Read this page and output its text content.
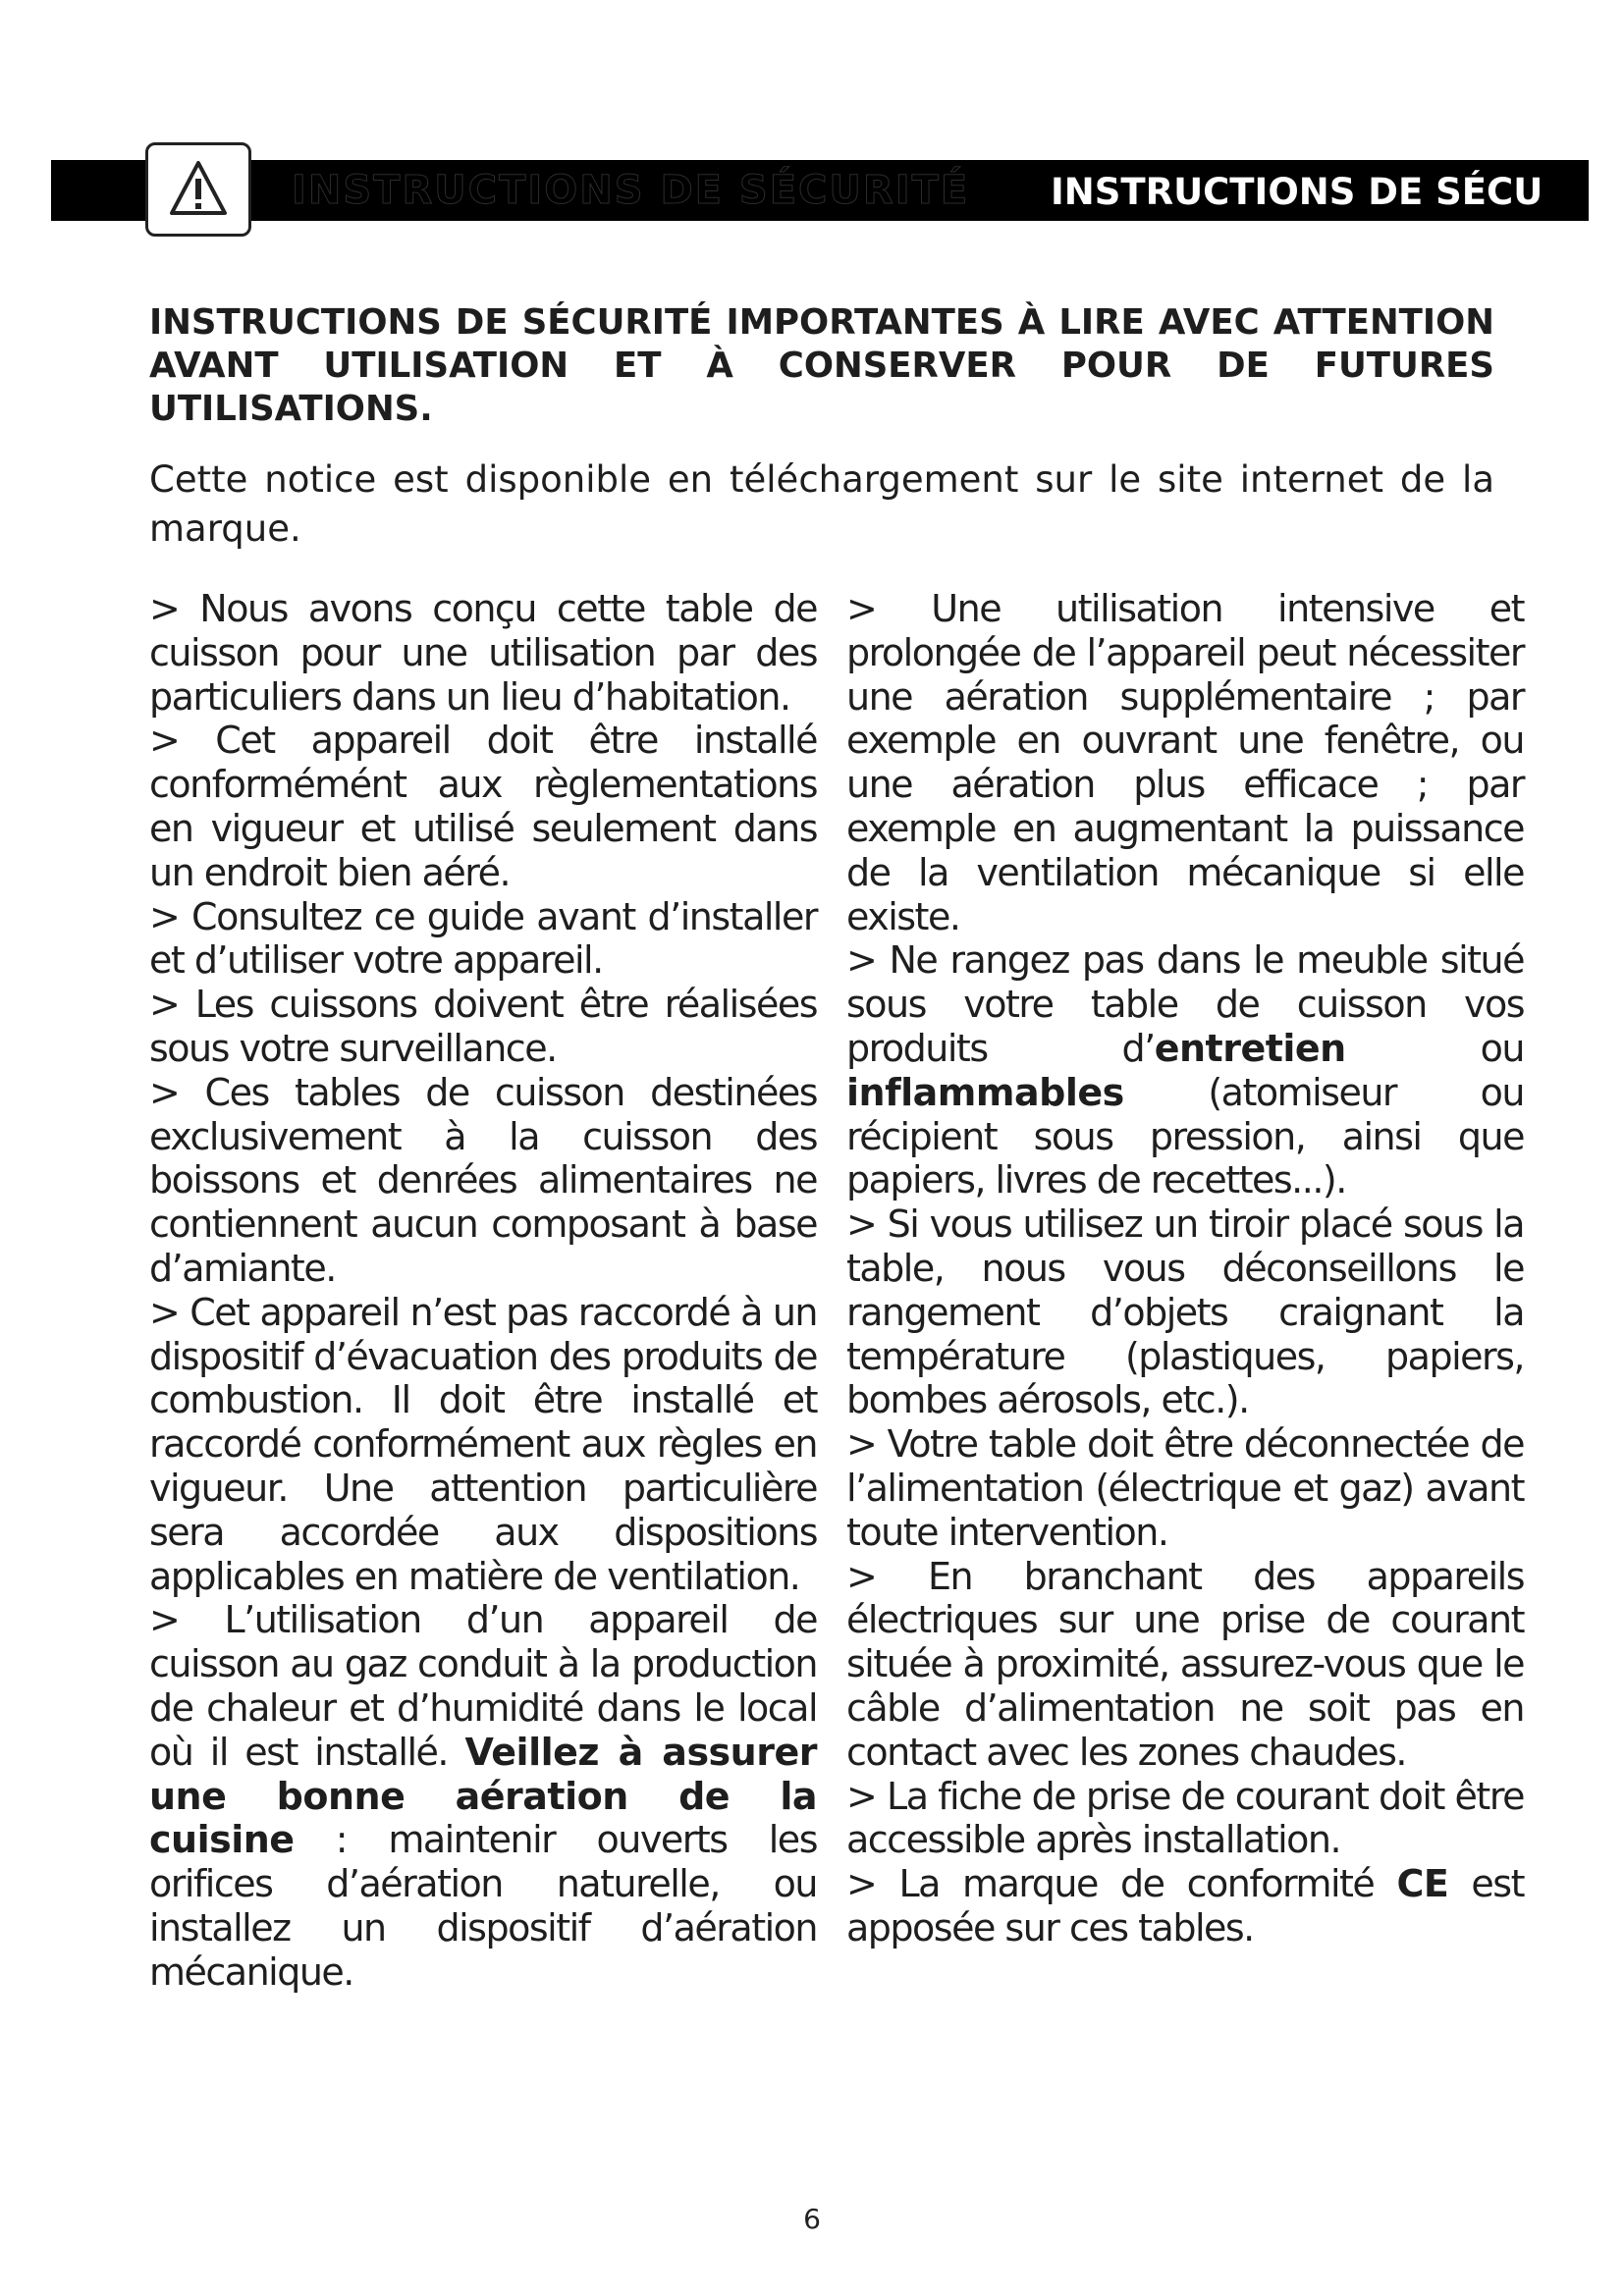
INSTRUCTIONS DE SÉCURITÉ INSTRUCTIONS DE SÉCU

INSTRUCTIONS DE SÉCURITÉ IMPORTANTES À LIRE AVEC ATTENTION AVANT UTILISATION ET À CONSERVER POUR DE FUTURES UTILISATIONS.

Cette notice est disponible en téléchargement sur le site internet de la marque.

> Nous avons conçu cette table de cuisson pour une utilisation par des particuliers dans un lieu d’habitation.

> Cet appareil doit être installé conformémént aux règlementations en vigueur et utilisé seulement dans un endroit bien aéré.

> Consultez ce guide avant d’installer et d’utiliser votre appareil.

> Les cuissons doivent être réalisées sous votre surveillance.

> Ces tables de cuisson destinées exclusivement à la cuisson des boissons et denrées alimentaires ne contiennent aucun composant à base d’amiante.

> Cet appareil n’est pas raccordé à un dispositif d’évacuation des produits de combustion. Il doit être installé et raccordé conformément aux règles en vigueur. Une attention particulière sera accordée aux dispositions applicables en matière de ventilation.

> L’utilisation d’un appareil de cuisson au gaz conduit à la production de chaleur et d’humidité dans le local où il est installé. Veillez à assurer une bonne aération de la cuisine : maintenir ouverts les orifices d’aération naturelle, ou installez un dispositif d’aération mécanique.

> Une utilisation intensive et prolongée de l’appareil peut nécessiter une aération supplémentaire ; par exemple en ouvrant une fenêtre, ou une aération plus efficace ; par exemple en augmentant la puissance de la ventilation mécanique si elle existe.

> Ne rangez pas dans le meuble situé sous votre table de cuisson vos produits d’entretien ou inflammables (atomiseur ou récipient sous pression, ainsi que papiers, livres de recettes...).

> Si vous utilisez un tiroir placé sous la table, nous vous déconseillons le rangement d’objets craignant la température (plastiques, papiers, bombes aérosols, etc.).

> Votre table doit être déconnectée de l’alimentation (électrique et gaz) avant toute intervention.

> En branchant des appareils électriques sur une prise de courant située à proximité, assurez-vous que le câble d’alimentation ne soit pas en contact avec les zones chaudes.

> La fiche de prise de courant doit être accessible après installation.

> La marque de conformité CE est apposée sur ces tables.

6
